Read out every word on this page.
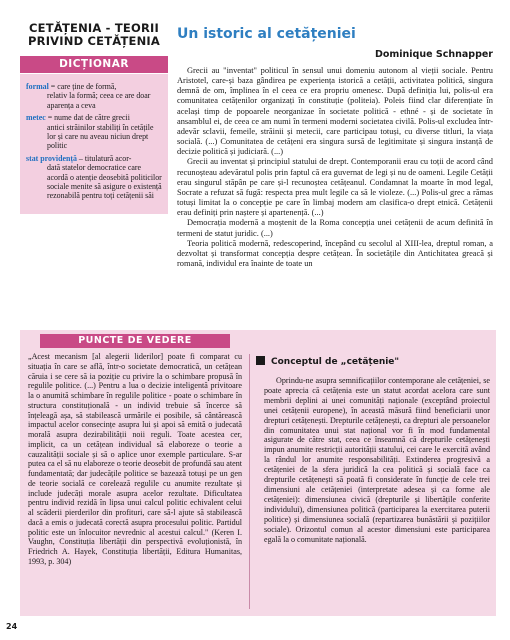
CETĂȚENIA - TEORII
PRIVIND CETĂȚENIA
DICȚIONAR
formal = care ține de formă,
relativ la formă; ceea ce are doar aparența a ceva
metec = nume dat de către grecii
antici străinilor stabiliți în cetățile lor și care nu aveau niciun drept politic
stat providență – titulatură acor-
dată statelor democratice care acordă o atenție deosebită politicilor sociale menite să asigure o existență rezonabilă pentru toți cetățenii săi
Un istoric al cetățeniei
Dominique Schnapper

Grecii au "inventat" politicul în sensul unui domeniu autonom al vieții sociale. Pentru Aristotel, care-și baza gândirea pe experiența istorică a cetății, activitatea politică, singura demnă de om, împlinea în el ceea ce era propriu omenesc. După definiția lui, polis-ul era comunitatea cetățenilor organizați în constituție (politeia). Poleis fiind clar diferențiate în același timp de popoarele neorganizae în societate politică - ethné - și de societate în ansamblul ei, de ceea ce am numi în termeni moderni societatea civilă. Polis-ul excludea într-adevăr sclavii, femeile, străinii și metecii, care participau totuși, cu diverse titluri, la viața socială. (...) Comunitatea de cetățeni era singura sursă de legitimitate și singura instanță de decizie politică și judiciară. (...)

Grecii au inventat și principiul statului de drept. Contemporanii erau cu toții de acord când recunoșteau adevăratul polis prin faptul că era guvernat de legi și nu de oameni. Legile Cetății erau singurul stăpân pe care și-l recunoștea cetățeanul. Condamnat la moarte în mod legal, Socrate a refuzat să fugă: respecta prea mult legile ca să le violeze. (...) Polis-ul grec a rămas totuși limitat la o concepție pe care în limbaj modern am clasifica-o drept etnică. Cetățenii erau definiți prin naștere și apartenență. (...)

Democrația modernă a moștenit de la Roma concepția unei cetățenii de acum definită în termeni de statut juridic. (...)

Teoria politică modernă, redescoperind, începând cu secolul al XIII-lea, dreptul roman, a dezvoltat și transformat concepția despre cetățean. În societățile din Antichitatea greacă și romană, individul era înainte de toate un

PUNCTE DE VEDERE
„Acest mecanism [al alegerii liderilor] poate fi comparat cu situația în care se află, într-o societate democratică, un cetățean căruia i se cere să ia poziție cu privire la o schimbare propusă în regulile politice. (...) Pentru a lua o decizie inteligentă privitoare la o anumită schimbare în regulile politice - poate o schimbare în structura constituțională - un individ trebuie să încerce să înțeleagă așa, să stabilească urmările ei posibile, să cântărească impactul acelor consecințe asupra lui și apoi să emită o judecată morală asupra dezirabilității noii reguli. Toate acestea cer, implicit, ca un cetățean individual să elaboreze o teorie a cauzalității sociale și să o aplice unor exemple particulare. S-ar putea ca el să nu elaboreze o teorie deosebit de profundă sau atent fundamentată; dar judecățile politice se bazează totuși pe un gen de teorie socială ce corelează regulile cu anumite rezultate și include judecăți morale asupra acelor rezultate. Dificultatea pentru individ rezidă în lipsa unui calcul politic echivalent celui al scăderii pierderilor din profituri, care să-l ajute să stabilească dacă a emis o judecată corectă asupra procesului politic. Partidul politic este un înlocuitor nevrednic al acestui calcul." (Keren I. Vaughn, Constituția libertății din perspectivă evoluționistă, în Friedrich A. Hayek, Constituția libertății, Editura Humanitas, 1993, p. 304)
Conceptul de „cetățenie"

Oprindu-ne asupra semnificațiilor contemporane ale cetățeniei, se poate aprecia că cetățenia este un statut acordat acelora care sunt membrii deplini ai unei comunități naționale (exceptând proiectul unei cetățenii europene), în această măsură fiind beneficiarii unor drepturi cetățenești. Drepturile cetățenești, ca drepturi ale persoanelor din comunitatea unui stat național vor fi în mod fundamental asigurate de către stat, ceea ce înseamnă că drepturile cetățenești impun anumite restricții autorității statului, cei care le exercită având la rândul lor anumite responsabilități. Extinderea progresivă a cetățeniei de la sfera juridică la cea politică și socială face ca drepturile cetățenești să poată fi considerate în funcție de cele trei dimensiuni ale cetățeniei (interpretate adesea și ca forme ale cetățeniei): dimensiunea civică (drepturile și libertățile conferite individului), dimensiunea politică (participarea la exercitarea puterii politice) și dimensiunea socială (repartizarea bunăstării și pozițiilor sociale). Orizontul comun al acestor dimensiuni este participarea egală la o comunitate națională.

24
